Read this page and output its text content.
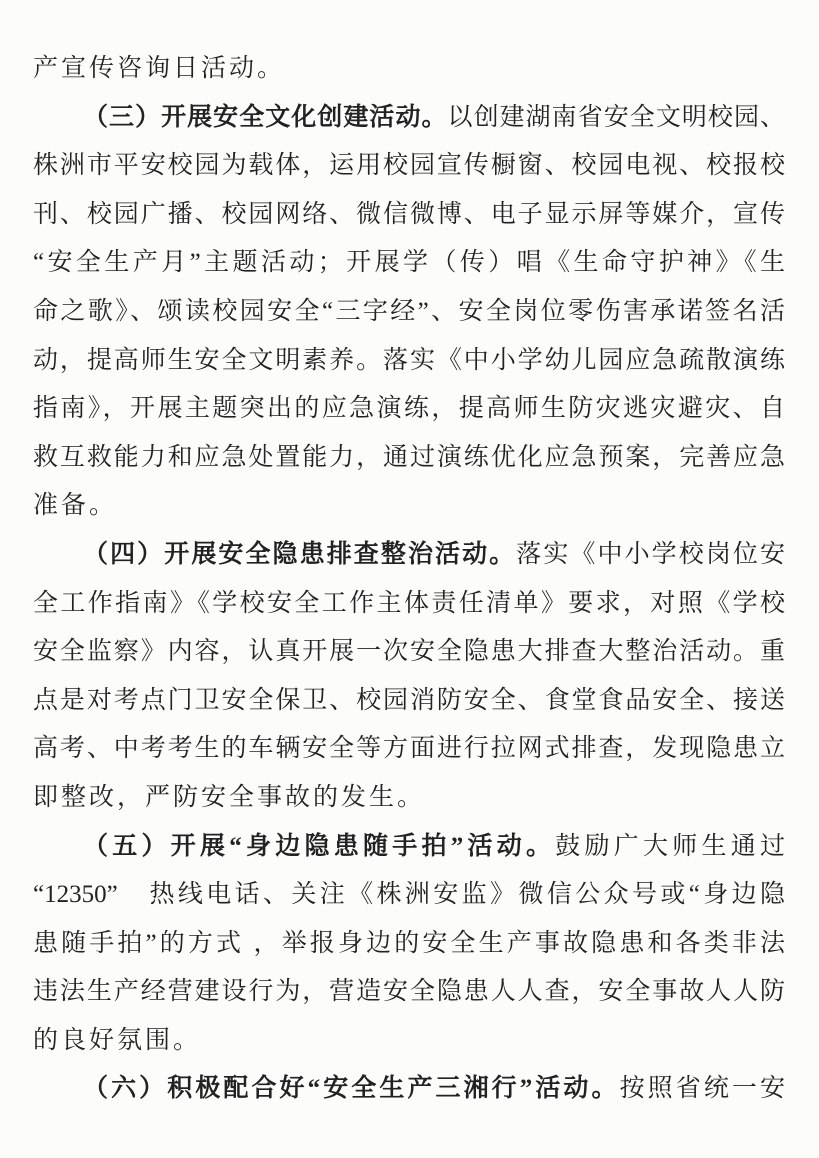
产宣传咨询日活动。
（三）开展安全文化创建活动。以创建湖南省安全文明校园、
株洲市平安校园为载体，运用校园宣传橱窗、校园电视、校报校
刊、校园广播、校园网络、微信微博、电子显示屏等媒介，宣传
“安全生产月”主题活动；开展学（传）唱《生命守护神》《生
命之歌》、颂读校园安全“三字经”、安全岗位零伤害承诺签名活
动，提高师生安全文明素养。落实《中小学幼儿园应急疏散演练
指南》，开展主题突出的应急演练，提高师生防灾逃灾避灾、自
救互救能力和应急处置能力，通过演练优化应急预案，完善应急
准备。
（四）开展安全隐患排查整治活动。落实《中小学校岗位安
全工作指南》《学校安全工作主体责任清单》要求，对照《学校
安全监察》内容，认真开展一次安全隐患大排查大整治活动。重
点是对考点门卫安全保卫、校园消防安全、食堂食品安全、接送
高考、中考考生的车辆安全等方面进行拉网式排查，发现隐患立
即整改，严防安全事故的发生。
（五）开展“身边隐患随手拍”活动。鼓励广大师生通过
“12350”　热线电话、关注《株洲安监》微信公众号或“身边隐
患随手拍”的方式 ，举报身边的安全生产事故隐患和各类非法
违法生产经营建设行为，营造安全隐患人人查，安全事故人人防
的良好氛围。
（六）积极配合好“安全生产三湘行”活动。按照省统一安
